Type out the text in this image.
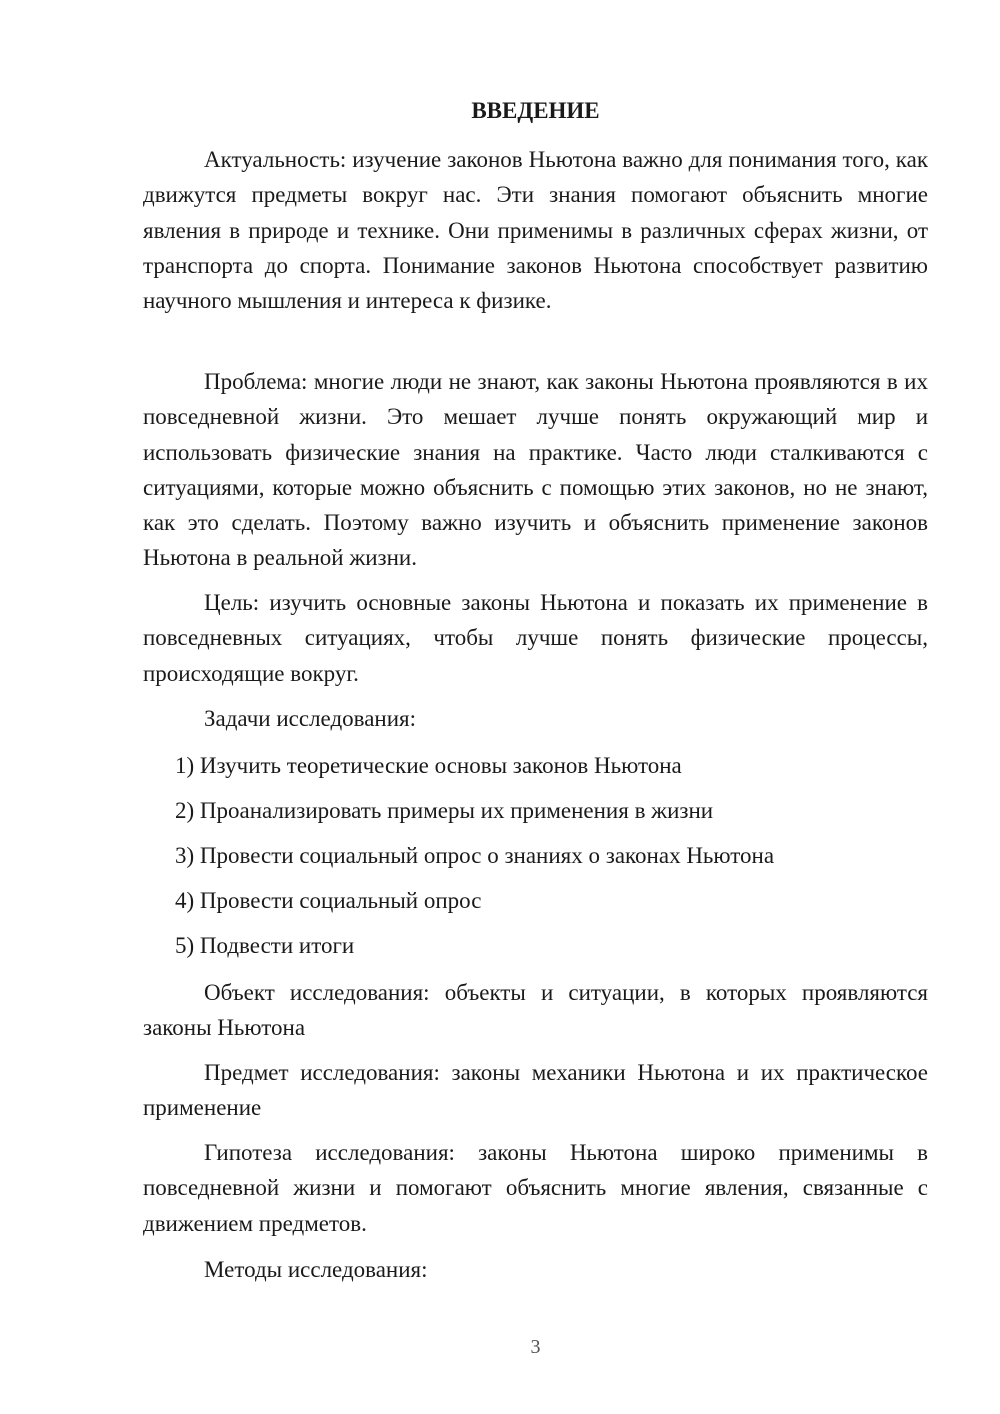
ВВЕДЕНИЕ

Актуальность: изучение законов Ньютона важно для понимания того, как движутся предметы вокруг нас. Эти знания помогают объяснить многие явления в природе и технике. Они применимы в различных сферах жизни, от транспорта до спорта. Понимание законов Ньютона способствует развитию научного мышления и интереса к физике.

Проблема: многие люди не знают, как законы Ньютона проявляются в их повседневной жизни. Это мешает лучше понять окружающий мир и использовать физические знания на практике. Часто люди сталкиваются с ситуациями, которые можно объяснить с помощью этих законов, но не знают, как это сделать. Поэтому важно изучить и объяснить применение законов Ньютона в реальной жизни.

Цель: изучить основные законы Ньютона и показать их применение в повседневных ситуациях, чтобы лучше понять физические процессы, происходящие вокруг.

Задачи исследования:

1) Изучить теоретические основы законов Ньютона

2) Проанализировать примеры их применения в жизни

3) Провести социальный опрос о знаниях о законах Ньютона

4) Провести социальный опрос

5) Подвести итоги

Объект исследования: объекты и ситуации, в которых проявляются законы Ньютона

Предмет исследования: законы механики Ньютона и их практическое применение

Гипотеза исследования: законы Ньютона широко применимы в повседневной жизни и помогают объяснить многие явления, связанные с движением предметов.

Методы исследования:

3
